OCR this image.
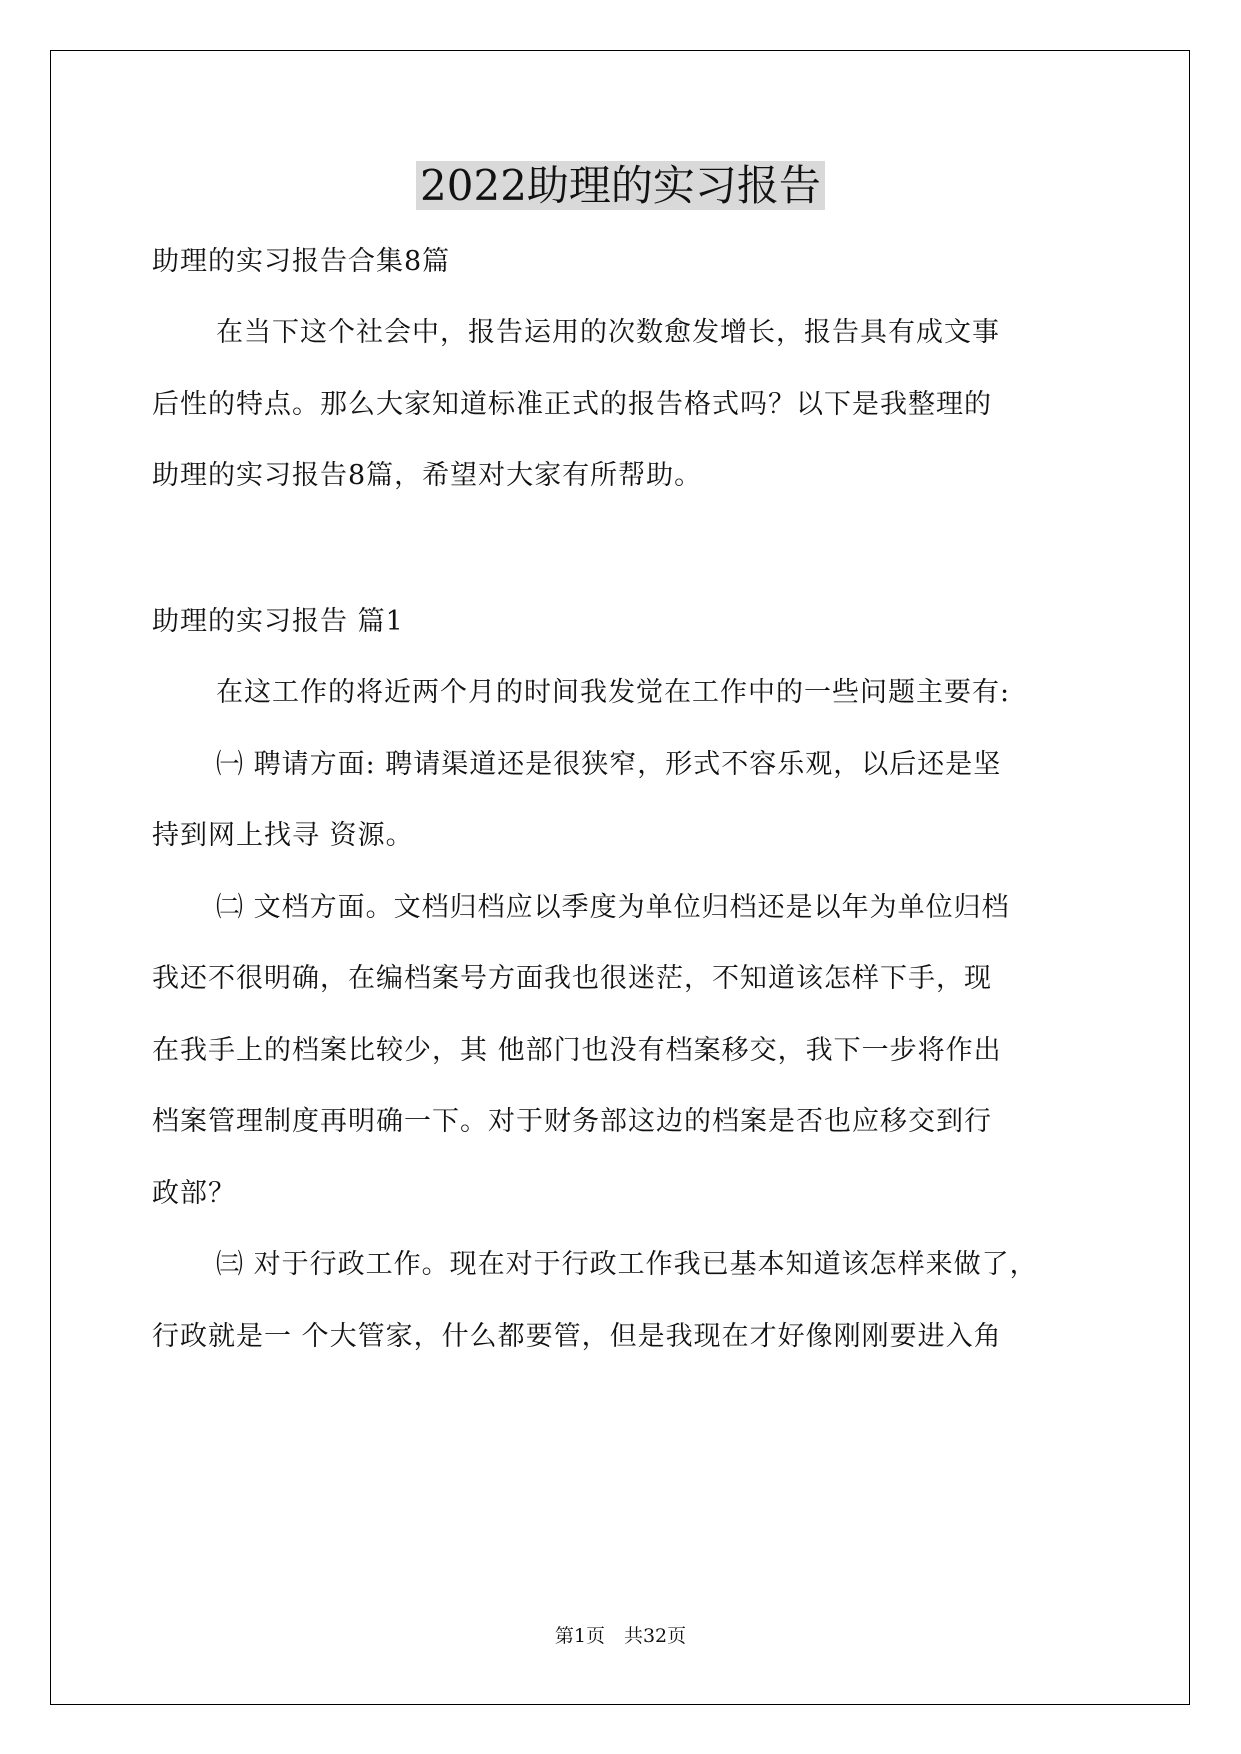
2022助理的实习报告
助理的实习报告合集8篇
在当下这个社会中，报告运用的次数愈发增长，报告具有成文事
后性的特点。那么大家知道标准正式的报告格式吗？以下是我整理的
助理的实习报告8篇，希望对大家有所帮助。
助理的实习报告 篇1
在这工作的将近两个月的时间我发觉在工作中的一些问题主要有:
㈠ 聘请方面: 聘请渠道还是很狭窄，形式不容乐观，以后还是坚
持到网上找寻 资源。
㈡ 文档方面。文档归档应以季度为单位归档还是以年为单位归档
我还不很明确，在编档案号方面我也很迷茫，不知道该怎样下手，现
在我手上的档案比较少，其 他部门也没有档案移交，我下一步将作出
档案管理制度再明确一下。对于财务部这边的档案是否也应移交到行
政部？
㈢ 对于行政工作。现在对于行政工作我已基本知道该怎样来做了，
行政就是一 个大管家，什么都要管，但是我现在才好像刚刚要进入角
第1页　共32页
